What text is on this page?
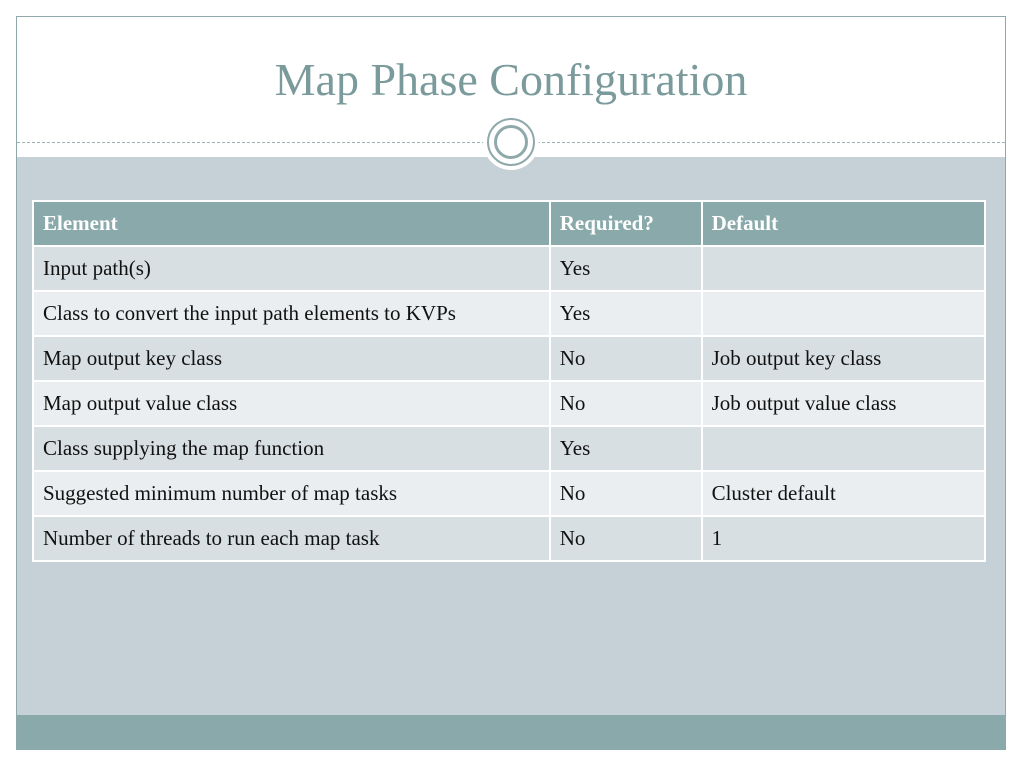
Map Phase Configuration
Element	Required?	Default
Input path(s)	Yes	
Class to convert the input path elements to KVPs	Yes	
Map output key class	No	Job output key class
Map output value class	No	Job output value class
Class supplying the map function	Yes	
Suggested minimum number of map tasks	No	Cluster default
Number of threads to run each map task	No	1
